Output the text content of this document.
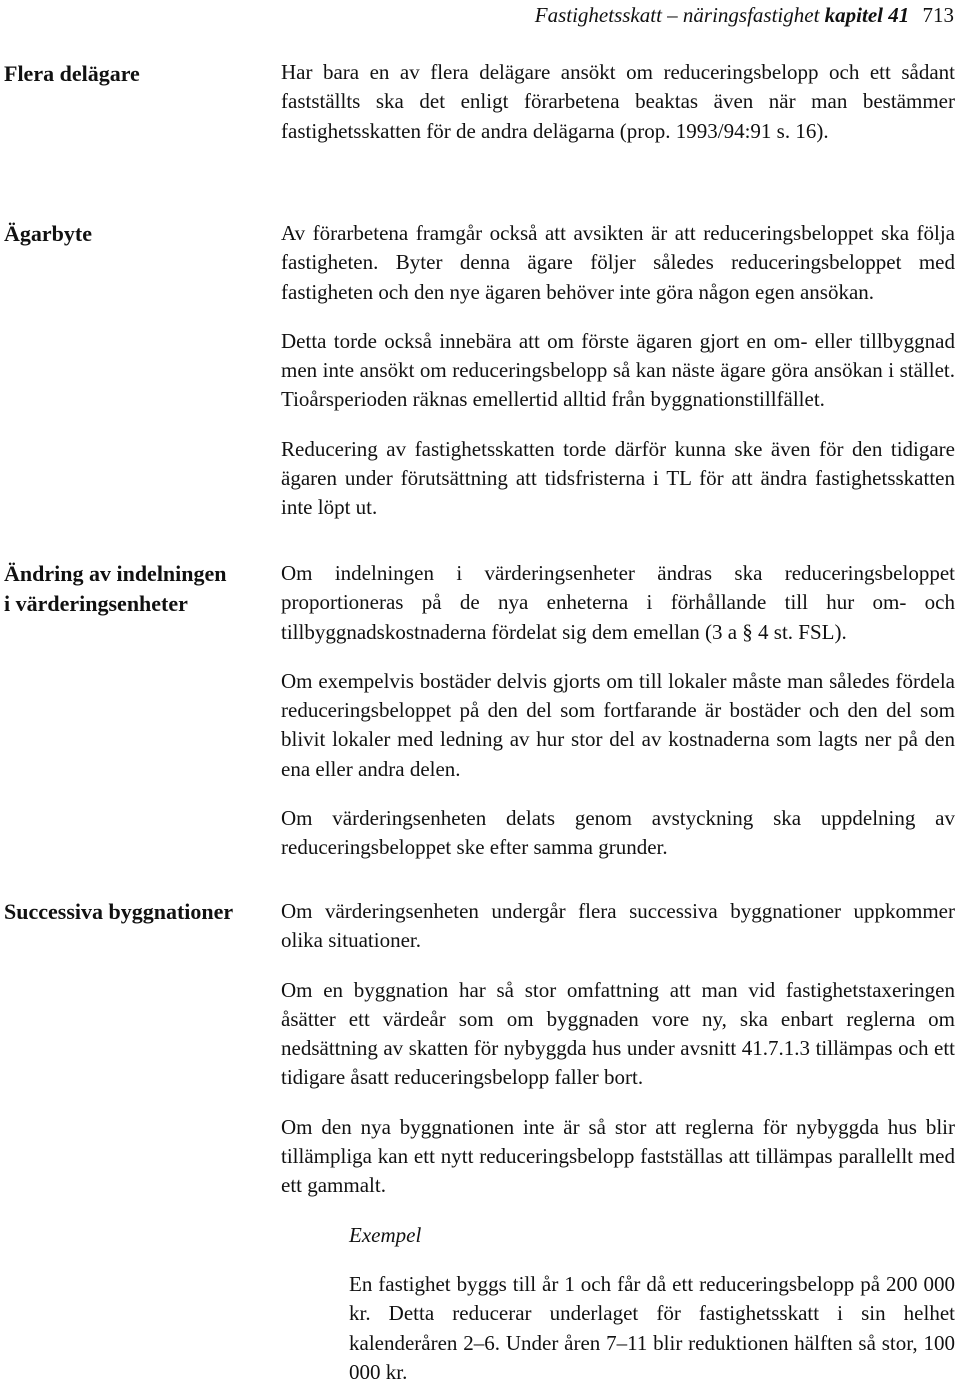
Fastighetsskatt – näringsfastighet kapitel 41 713
Flera delägare
Ägarbyte
Ändring av indelningen i värderingsenheter
Successiva byggnationer

Har bara en av flera delägare ansökt om reduceringsbelopp och ett sådant fastställts ska det enligt förarbetena beaktas även när man bestämmer fastighetsskatten för de andra delägarna (prop. 1993/94:91 s. 16).

Av förarbetena framgår också att avsikten är att reduceringsbeloppet ska följa fastigheten. Byter denna ägare följer således reduceringsbeloppet med fastigheten och den nye ägaren behöver inte göra någon egen ansökan.

Detta torde också innebära att om förste ägaren gjort en om- eller tillbyggnad men inte ansökt om reduceringsbelopp så kan näste ägare göra ansökan i stället. Tioårsperioden räknas emellertid alltid från byggnationstillfället.

Reducering av fastighetsskatten torde därför kunna ske även för den tidigare ägaren under förutsättning att tidsfristerna i TL för att ändra fastighetsskatten inte löpt ut.

Om indelningen i värderingsenheter ändras ska reduceringsbeloppet proportioneras på de nya enheterna i förhållande till hur om- och tillbyggnadskostnaderna fördelat sig dem emellan (3 a § 4 st. FSL).

Om exempelvis bostäder delvis gjorts om till lokaler måste man således fördela reduceringsbeloppet på den del som fortfarande är bostäder och den del som blivit lokaler med ledning av hur stor del av kostnaderna som lagts ner på den ena eller andra delen.

Om värderingsenheten delats genom avstyckning ska uppdelning av reduceringsbeloppet ske efter samma grunder.

Om värderingsenheten undergår flera successiva byggnationer uppkommer olika situationer.

Om en byggnation har så stor omfattning att man vid fastighetstaxeringen åsätter ett värdeår som om byggnaden vore ny, ska enbart reglerna om nedsättning av skatten för nybyggda hus under avsnitt 41.7.1.3 tillämpas och ett tidigare åsatt reduceringsbelopp faller bort.

Om den nya byggnationen inte är så stor att reglerna för nybyggda hus blir tillämpliga kan ett nytt reduceringsbelopp fastställas att tillämpas parallellt med ett gammalt.

Exempel

En fastighet byggs till år 1 och får då ett reduceringsbelopp på 200 000 kr. Detta reducerar underlaget för fastighetsskatt i sin helhet kalenderåren 2–6. Under åren 7–11 blir reduktionen hälften så stor, 100 000 kr.
